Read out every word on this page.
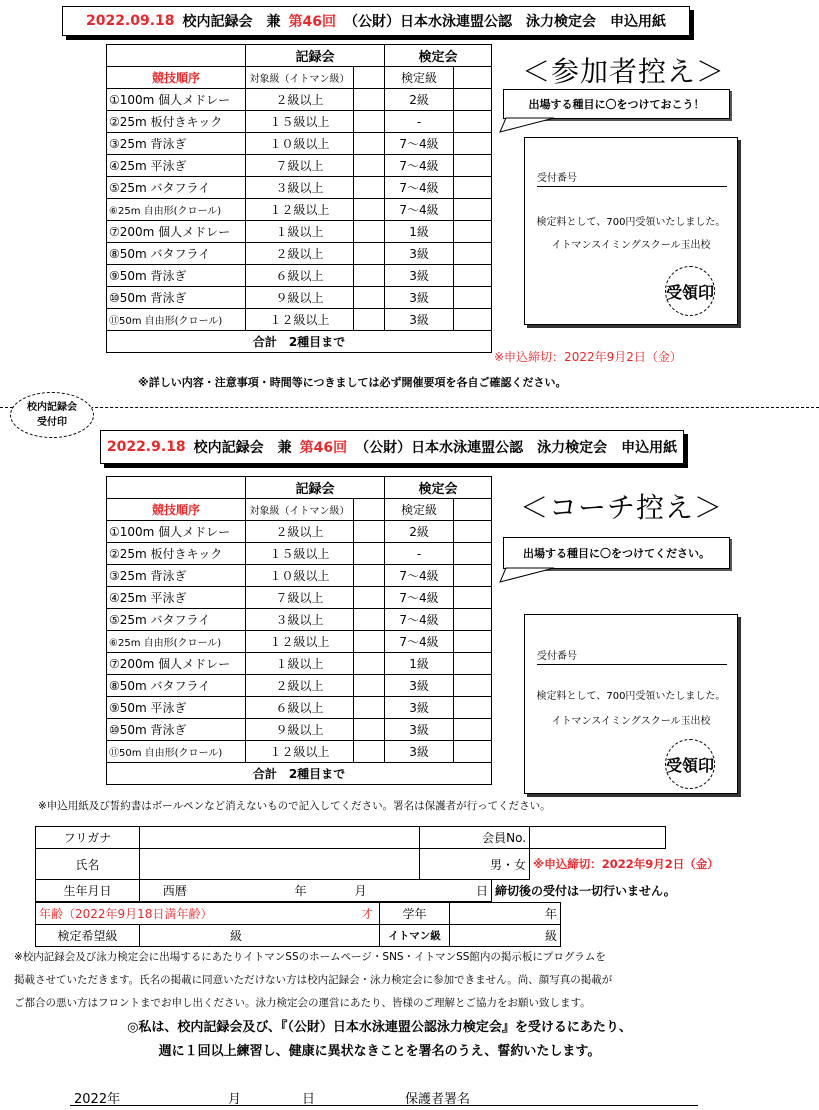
2022.09.18 校内記録会　兼 第46回 （公財）日本水泳連盟公認　泳力検定会　申込用紙
	記録会		検定会	
競技順序	対象級（イトマン級）		検定級	
①100m 個人メドレー	２級以上		2級	
②25m 板付きキック	１５級以上		-	
③25m 背泳ぎ	１０級以上		7～4級	
④25m 平泳ぎ	７級以上		7～4級	
⑤25m バタフライ	３級以上		7～4級	
⑥25m 自由形(クロール)	１２級以上		7～4級	
⑦200m 個人メドレー	１級以上		1級	
⑧50m バタフライ	２級以上		3級	
⑨50m 背泳ぎ	６級以上		3級	
⑩50m 背泳ぎ	９級以上		3級	
⑪50m 自由形(クロール)	１２級以上		3級	
合計　2種目まで				
＜参加者控え＞
出場する種目に〇をつけておこう！
受付番号
検定料として、700円受領いたしました。
イトマンスイミングスクール玉出校
受領印
※申込締切：2022年9月2日（金）
※詳しい内容・注意事項・時間等につきましては必ず開催要項を各自ご確認ください。
校内記録会
受付印
2022.9.18 校内記録会　兼 第46回 （公財）日本水泳連盟公認　泳力検定会　申込用紙
	記録会		検定会	
競技順序	対象級（イトマン級）		検定級	
①100m 個人メドレー	２級以上		2級	
②25m 板付きキック	１５級以上		-	
③25m 背泳ぎ	１０級以上		7～4級	
④25m 平泳ぎ	７級以上		7～4級	
⑤25m バタフライ	３級以上		7～4級	
⑥25m 自由形(クロール)	１２級以上		7～4級	
⑦200m 個人メドレー	１級以上		1級	
⑧50m バタフライ	２級以上		3級	
⑨50m 平泳ぎ	６級以上		3級	
⑩50m 背泳ぎ	９級以上		3級	
⑪50m 自由形(クロール)	１２級以上		3級	
合計　2種目まで				
＜コーチ控え＞
出場する種目に〇をつけてください。
受付番号
検定料として、700円受領いたしました。
イトマンスイミングスクール玉出校
受領印
※申込用紙及び誓約書はボールペンなど消えないもので記入してください。署名は保護者が行ってください。
フリガナ					会員No.		
氏名					男・女		※申込締切：2022年9月2日（金）
生年月日	西暦	年	月	日		締切後の受付は一切行いません。	
年齢（2022年9月18日満年齢） 才		学年	年
検定希望級	級	イトマン級	級
※校内記録会及び泳力検定会に出場するにあたりイトマンSSのホームページ・SNS・イトマンSS館内の掲示板にプログラムを
掲載させていただきます。氏名の掲載に同意いただけない方は校内記録会・泳力検定会に参加できません。尚、顔写真の掲載が
ご都合の悪い方はフロントまでお申し出ください。泳力検定会の運営にあたり、皆様のご理解とご協力をお願い致します。
◎私は、校内記録会及び、『（公財）日本水泳連盟公認泳力検定会』を受けるにあたり、
週に１回以上練習し、健康に異状なきことを署名のうえ、誓約いたします。
2022年	月	日	保護者署名
